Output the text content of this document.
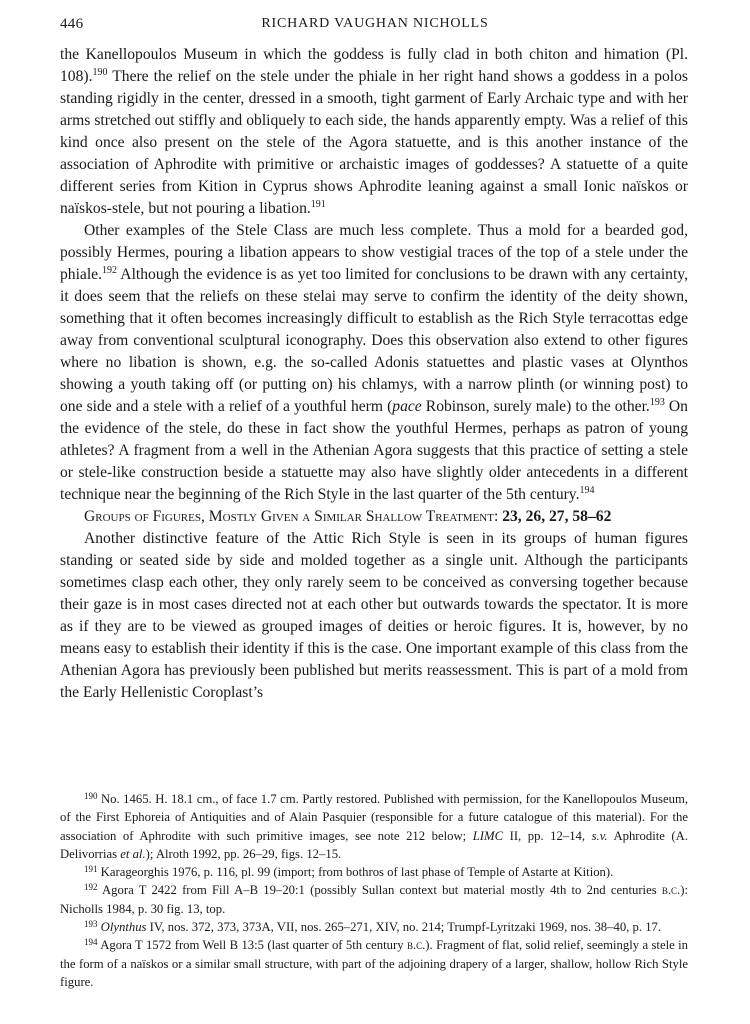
446	RICHARD VAUGHAN NICHOLLS

the Kanellopoulos Museum in which the goddess is fully clad in both chiton and himation (Pl. 108).$^{190}$ There the relief on the stele under the phiale in her right hand shows a goddess in a polos standing rigidly in the center, dressed in a smooth, tight garment of Early Archaic type and with her arms stretched out stiffly and obliquely to each side, the hands apparently empty. Was a relief of this kind once also present on the stele of the Agora statuette, and is this another instance of the association of Aphrodite with primitive or archaistic images of goddesses? A statuette of a quite different series from Kition in Cyprus shows Aphrodite leaning against a small Ionic naïskos or naïskos-stele, but not pouring a libation.$^{191}$

Other examples of the Stele Class are much less complete. Thus a mold for a bearded god, possibly Hermes, pouring a libation appears to show vestigial traces of the top of a stele under the phiale.$^{192}$ Although the evidence is as yet too limited for conclusions to be drawn with any certainty, it does seem that the reliefs on these stelai may serve to confirm the identity of the deity shown, something that it often becomes increasingly difficult to establish as the Rich Style terracottas edge away from conventional sculptural iconography. Does this observation also extend to other figures where no libation is shown, e.g. the so-called Adonis statuettes and plastic vases at Olynthos showing a youth taking off (or putting on) his chlamys, with a narrow plinth (or winning post) to one side and a stele with a relief of a youthful herm (pace Robinson, surely male) to the other.$^{193}$ On the evidence of the stele, do these in fact show the youthful Hermes, perhaps as patron of young athletes? A fragment from a well in the Athenian Agora suggests that this practice of setting a stele or stele-like construction beside a statuette may also have slightly older antecedents in a different technique near the beginning of the Rich Style in the last quarter of the 5th century.$^{194}$

Groups of Figures, Mostly Given a Similar Shallow Treatment: 23, 26, 27, 58–62

Another distinctive feature of the Attic Rich Style is seen in its groups of human figures standing or seated side by side and molded together as a single unit. Although the participants sometimes clasp each other, they only rarely seem to be conceived as conversing together because their gaze is in most cases directed not at each other but outwards towards the spectator. It is more as if they are to be viewed as grouped images of deities or heroic figures. It is, however, by no means easy to establish their identity if this is the case. One important example of this class from the Athenian Agora has previously been published but merits reassessment. This is part of a mold from the Early Hellenistic Coroplast’s

$^{190}$ No. 1465. H. 18.1 cm., of face 1.7 cm. Partly restored. Published with permission, for the Kanellopoulos Museum, of the First Ephoreia of Antiquities and of Alain Pasquier (responsible for a future catalogue of this material). For the association of Aphrodite with such primitive images, see note 212 below; LIMC II, pp. 12–14, s.v. Aphrodite (A. Delivorrias et al.); Alroth 1992, pp. 26–29, figs. 12–15.

$^{191}$ Karageorghis 1976, p. 116, pl. 99 (import; from bothros of last phase of Temple of Astarte at Kition).

$^{192}$ Agora T 2422 from Fill A–B 19–20:1 (possibly Sullan context but material mostly 4th to 2nd centuries b.c.): Nicholls 1984, p. 30 fig. 13, top.

$^{193}$ Olynthus IV, nos. 372, 373, 373A, VII, nos. 265–271, XIV, no. 214; Trumpf-Lyritzaki 1969, nos. 38–40, p. 17.

$^{194}$ Agora T 1572 from Well B 13:5 (last quarter of 5th century b.c.). Fragment of flat, solid relief, seemingly a stele in the form of a naïskos or a similar small structure, with part of the adjoining drapery of a larger, shallow, hollow Rich Style figure.
